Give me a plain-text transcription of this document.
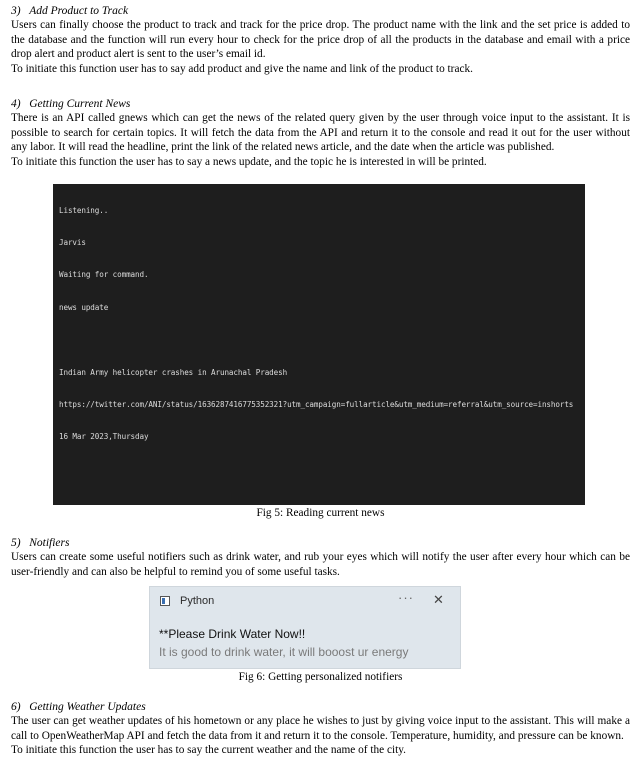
3)   Add Product to Track

Users can finally choose the product to track and track for the price drop. The product name with the link and the set price is added to the database and the function will run every hour to check for the price drop of all the products in the database and email with a price drop alert and product alert is sent to the user’s email id.

To initiate this function user has to say add product and give the name and link of the product to track.

4)   Getting Current News

There is an API called gnews which can get the news of the related query given by the user through voice input to the assistant. It is possible to search for certain topics. It will fetch the data from the API and return it to the console and read it out for the user without any labor. It will read the headline, print the link of the related news article, and the date when the article was published.

To initiate this function the user has to say a news update, and the topic he is interested in will be printed.

Listening..

Jarvis

Waiting for command.

news update

Indian Army helicopter crashes in Arunachal Pradesh

https://twitter.com/ANI/status/1636287416775352321?utm_campaign=fullarticle&utm_medium=referral&utm_source=inshorts

16 Mar 2023,Thursday

Fig 5: Reading current news
5)   Notifiers

Users can create some useful notifiers such as drink water, and rub your eyes which will notify the user after every hour which can be user-friendly and can also be helpful to remind you of some useful tasks.

Python	··· ✕
**Please Drink Water Now!!
It is good to drink water, it will booost ur energy
Fig 6: Getting personalized notifiers
6)   Getting Weather Updates

The user can get weather updates of his hometown or any place he wishes to just by giving voice input to the assistant. This will make a call to OpenWeatherMap API and fetch the data from it and return it to the console. Temperature, humidity, and pressure can be known.

To initiate this function the user has to say the current weather and the name of the city.
